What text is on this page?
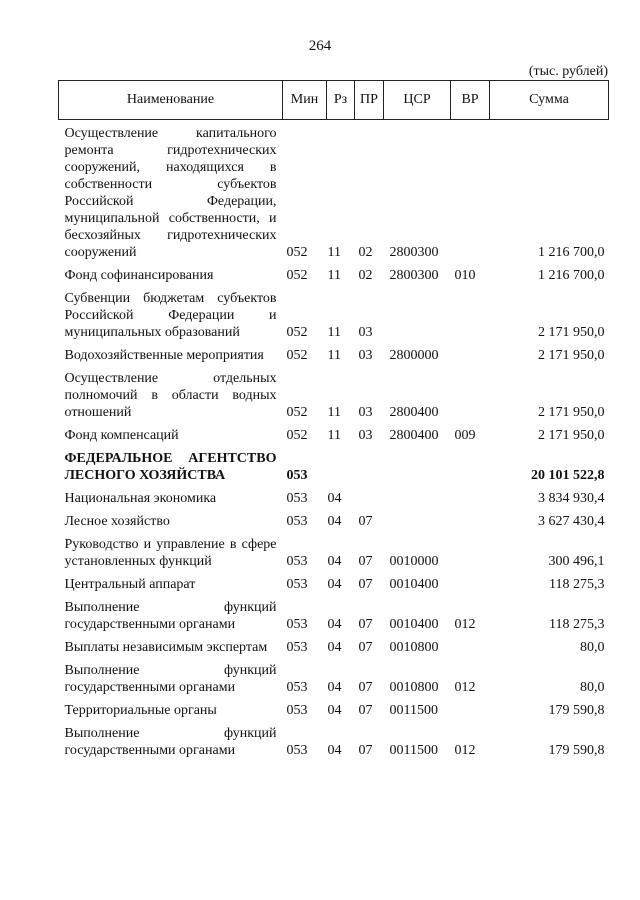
264
(тыс. рублей)
Наименование	Мин	Рз	ПР	ЦСР	ВР	Сумма
Осуществление капитального ремонта гидротехнических сооружений, находящихся в собственности субъектов Российской Федерации, муниципальной собственности, и бесхозяйных гидротехнических сооружений	052	11	02	2800300		1 216 700,0
Фонд софинансирования	052	11	02	2800300	010	1 216 700,0
Субвенции бюджетам субъектов Российской Федерации и муниципальных образований	052	11	03			2 171 950,0
Водохозяйственные мероприятия	052	11	03	2800000		2 171 950,0
Осуществление отдельных полномочий в области водных отношений	052	11	03	2800400		2 171 950,0
Фонд компенсаций	052	11	03	2800400	009	2 171 950,0
ФЕДЕРАЛЬНОЕ АГЕНТСТВО ЛЕСНОГО ХОЗЯЙСТВА	053					20 101 522,8
Национальная экономика	053	04				3 834 930,4
Лесное хозяйство	053	04	07			3 627 430,4
Руководство и управление в сфере установленных функций	053	04	07	0010000		300 496,1
Центральный аппарат	053	04	07	0010400		118 275,3
Выполнение функций государственными органами	053	04	07	0010400	012	118 275,3
Выплаты независимым экспертам	053	04	07	0010800		80,0
Выполнение функций государственными органами	053	04	07	0010800	012	80,0
Территориальные органы	053	04	07	0011500		179 590,8
Выполнение функций государственными органами	053	04	07	0011500	012	179 590,8
